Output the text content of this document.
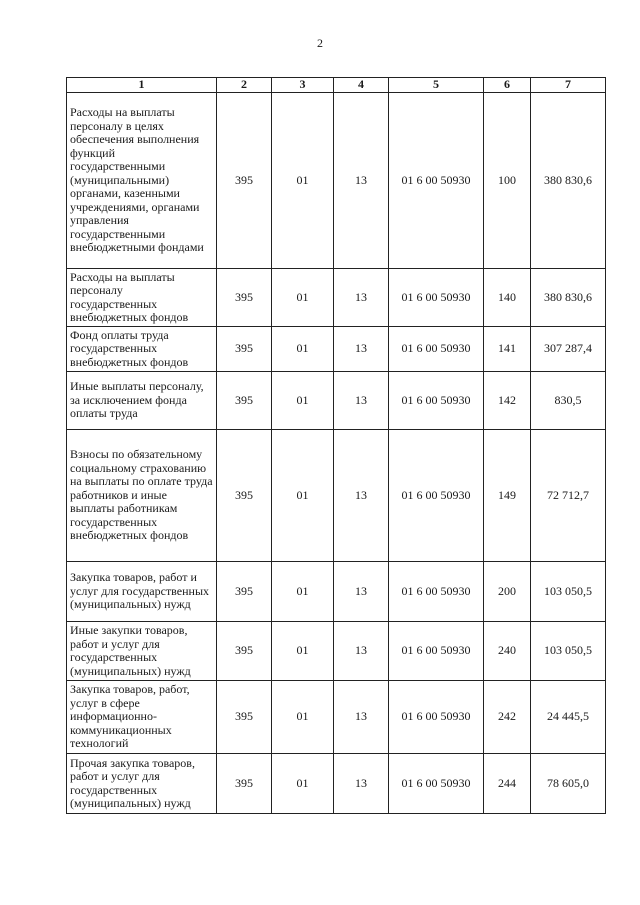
2
1	2	3	4	5	6	7
Расходы на выплаты персоналу в целях обеспечения выполнения функций государственными (муниципальными) органами, казенными учреждениями, органами управления государственными внебюджетными фондами	395	01	13	01 6 00 50930	100	380 830,6
Расходы на выплаты персоналу государственных внебюджетных фондов	395	01	13	01 6 00 50930	140	380 830,6
Фонд оплаты труда государственных внебюджетных фондов	395	01	13	01 6 00 50930	141	307 287,4
Иные выплаты персоналу, за исключением фонда оплаты труда	395	01	13	01 6 00 50930	142	830,5
Взносы по обязательному социальному страхованию на выплаты по оплате труда работников и иные выплаты работникам государственных внебюджетных фондов	395	01	13	01 6 00 50930	149	72 712,7
Закупка товаров, работ и услуг для государственных (муниципальных) нужд	395	01	13	01 6 00 50930	200	103 050,5
Иные закупки товаров, работ и услуг для государственных (муниципальных) нужд	395	01	13	01 6 00 50930	240	103 050,5
Закупка товаров, работ, услуг в сфере информационно-коммуникационных технологий	395	01	13	01 6 00 50930	242	24 445,5
Прочая закупка товаров, работ и услуг для государственных (муниципальных) нужд	395	01	13	01 6 00 50930	244	78 605,0
